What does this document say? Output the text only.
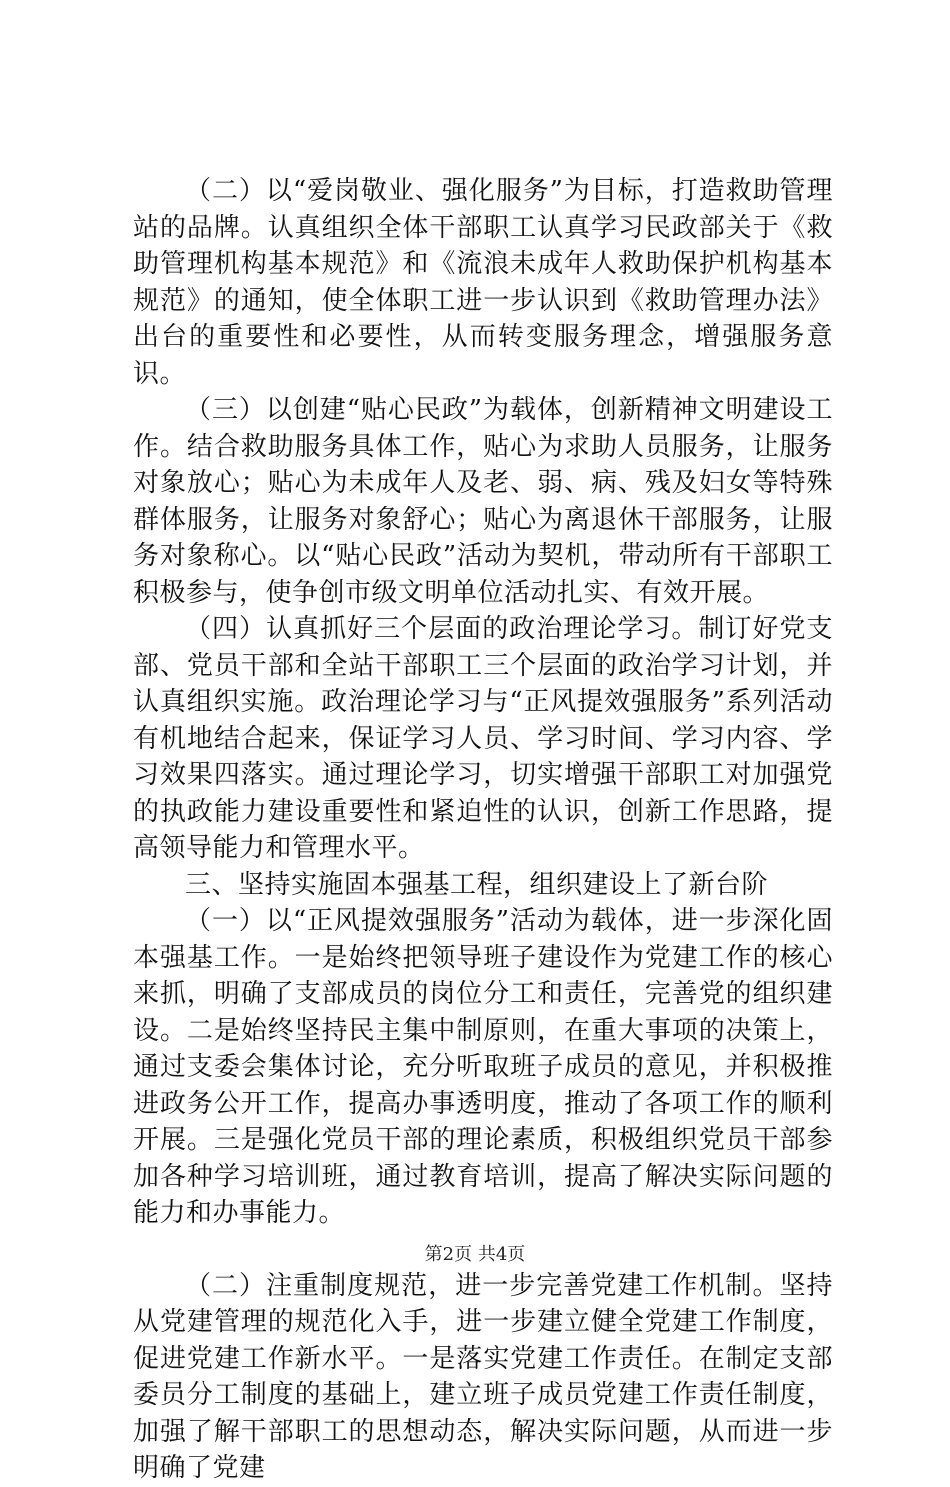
（二）以“爱岗敬业、强化服务”为目标，打造救助管理站的品牌。认真组织全体干部职工认真学习民政部关于《救助管理机构基本规范》和《流浪未成年人救助保护机构基本规范》的通知，使全体职工进一步认识到《救助管理办法》出台的重要性和必要性，从而转变服务理念，增强服务意识。

（三）以创建“贴心民政”为载体，创新精神文明建设工作。结合救助服务具体工作，贴心为求助人员服务，让服务对象放心；贴心为未成年人及老、弱、病、残及妇女等特殊群体服务，让服务对象舒心；贴心为离退休干部服务，让服务对象称心。以“贴心民政”活动为契机，带动所有干部职工积极参与，使争创市级文明单位活动扎实、有效开展。

（四）认真抓好三个层面的政治理论学习。制订好党支部、党员干部和全站干部职工三个层面的政治学习计划，并认真组织实施。政治理论学习与“正风提效强服务”系列活动有机地结合起来，保证学习人员、学习时间、学习内容、学习效果四落实。通过理论学习，切实增强干部职工对加强党的执政能力建设重要性和紧迫性的认识，创新工作思路，提高领导能力和管理水平。

三、坚持实施固本强基工程，组织建设上了新台阶

（一）以“正风提效强服务”活动为载体，进一步深化固本强基工作。一是始终把领导班子建设作为党建工作的核心来抓，明确了支部成员的岗位分工和责任，完善党的组织建设。二是始终坚持民主集中制原则，在重大事项的决策上，通过支委会集体讨论，充分听取班子成员的意见，并积极推进政务公开工作，提高办事透明度，推动了各项工作的顺利开展。三是强化党员干部的理论素质，积极组织党员干部参加各种学习培训班，通过教育培训，提高了解决实际问题的能力和办事能力。

（二）注重制度规范，进一步完善党建工作机制。坚持从党建管理的规范化入手，进一步建立健全党建工作制度，促进党建工作新水平。一是落实党建工作责任。在制定支部委员分工制度的基础上，建立班子成员党建工作责任制度，加强了解干部职工的思想动态，解决实际问题，从而进一步明确了党建

第2页 共4页
